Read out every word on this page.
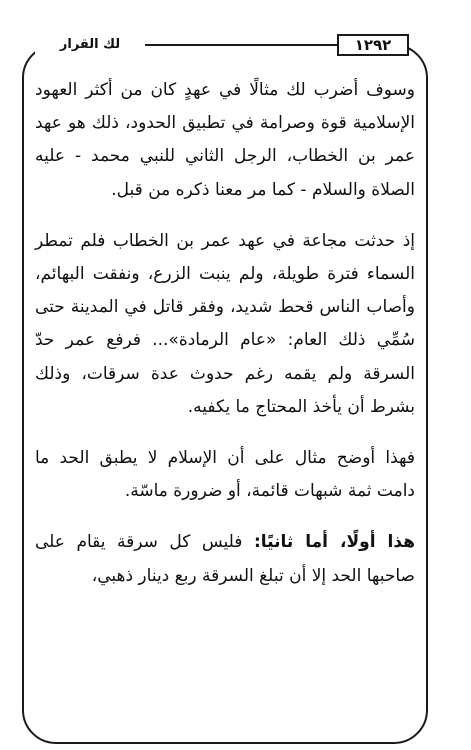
١٢٩٢
لك القرار

وسوف أضرب لك مثالًا في عهدٍ كان من أكثر العهود الإسلامية قوة وصرامة في تطبيق الحدود، ذلك هو عهد عمر بن الخطاب، الرجل الثاني للنبي محمد - عليه الصلاة والسلام - كما مر معنا ذكره من قبل.

إذ حدثت مجاعة في عهد عمر بن الخطاب فلم تمطر السماء فترة طويلة، ولم ينبت الزرع، ونفقت البهائم، وأصاب الناس قحط شديد، وفقر قاتل في المدينة حتى سُمِّي ذلك العام: «عام الرمادة»... فرفع عمر حدّ السرقة ولم يقمه رغم حدوث عدة سرقات، وذلك بشرط أن يأخذ المحتاج ما يكفيه.

فهذا أوضح مثال على أن الإسلام لا يطبق الحد ما دامت ثمة شبهات قائمة، أو ضرورة ماسّة.

هذا أولًا، أما ثانيًا: فليس كل سرقة يقام على صاحبها الحد إلا أن تبلغ السرقة ربع دينار ذهبي،
